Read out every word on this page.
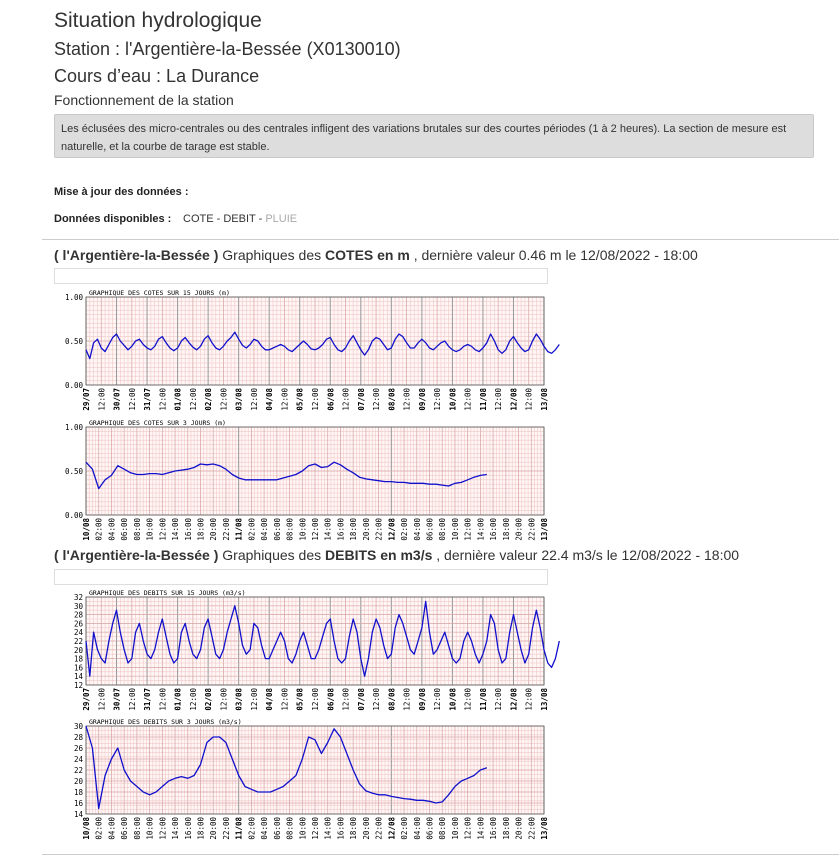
Situation hydrologique
Station : l'Argentière-la-Bessée (X0130010)
Cours d’eau : La Durance
Fonctionnement de la station
Les éclusées des micro-centrales ou des centrales infligent des variations brutales sur des courtes périodes (1 à 2 heures). La section de mesure est naturelle, et la courbe de tarage est stable.
Mise à jour des données :
Données disponibles : COTE - DEBIT - PLUIE
( l'Argentière-la-Bessée ) Graphiques des COTES en m , dernière valeur 0.46 m le 12/08/2022 - 18:00
29/07 12:00 30/07 12:00 31/07 12:00 01/08 12:00 02/08 12:00 03/08 12:00 04/08 12:00 05/08 12:00 06/08 12:00 07/08 12:00 08/08 12:00 09/08 12:00 10/08 12:00 11/08 12:00 12/08 12:00 13/08
1.00
0.50
0.00
GRAPHIQUE DES COTES SUR 15 JOURS (m)
10/08 02:00 04:00 06:00 08:00 10:00 12:00 14:00 16:00 18:00 20:00 22:00 11/08 02:00 04:00 06:00 08:00 10:00 12:00 14:00 16:00 18:00 20:00 22:00 12/08 02:00 04:00 06:00 08:00 10:00 12:00 14:00 16:00 18:00 20:00 22:00 13/08
1.00
0.50
0.00
GRAPHIQUE DES COTES SUR 3 JOURS (m)
( l'Argentière-la-Bessée ) Graphiques des DEBITS en m3/s , dernière valeur 22.4 m3/s le 12/08/2022 - 18:00
29/07 12:00 30/07 12:00 31/07 12:00 01/08 12:00 02/08 12:00 03/08 12:00 04/08 12:00 05/08 12:00 06/08 12:00 07/08 12:00 08/08 12:00 09/08 12:00 10/08 12:00 11/08 12:00 12/08 12:00 13/08
32
30
28
26
24
22
20
18
16
14
12
GRAPHIQUE DES DEBITS SUR 15 JOURS (m3/s)
10/08 02:00 04:00 06:00 08:00 10:00 12:00 14:00 16:00 18:00 20:00 22:00 11/08 02:00 04:00 06:00 08:00 10:00 12:00 14:00 16:00 18:00 20:00 22:00 12/08 02:00 04:00 06:00 08:00 10:00 12:00 14:00 16:00 18:00 20:00 22:00 13/08
30
28
26
24
22
20
18
16
14
GRAPHIQUE DES DEBITS SUR 3 JOURS (m3/s)
